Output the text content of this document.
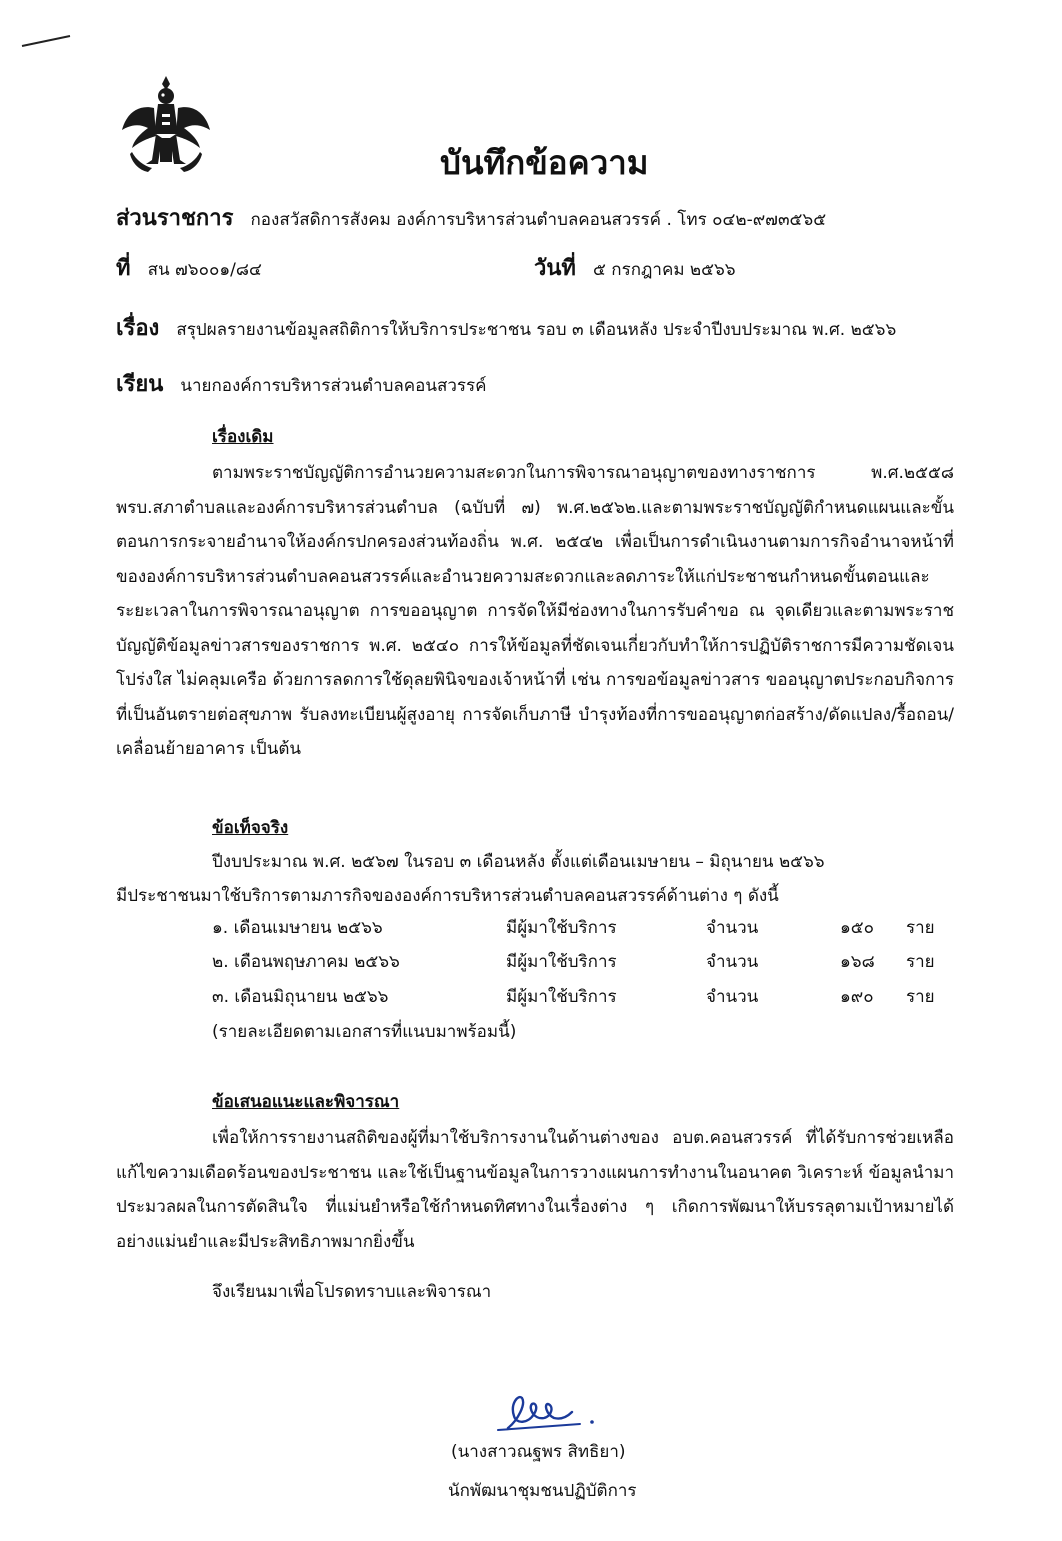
บันทึกข้อความ
ส่วนราชการ กองสวัสดิการสังคม องค์การบริหารส่วนตำบลคอนสวรรค์ . โทร ๐๔๒-๙๗๓๕๖๕
ที่ สน ๗๖๐๐๑/๘๔	วันที่ ๕ กรกฎาคม ๒๕๖๖
เรื่อง สรุปผลรายงานข้อมูลสถิติการให้บริการประชาชน รอบ ๓ เดือนหลัง ประจำปีงบประมาณ พ.ศ. ๒๕๖๖
เรียน นายกองค์การบริหารส่วนตำบลคอนสวรรค์
เรื่องเดิม

ตามพระราชบัญญัติการอำนวยความสะดวกในการพิจารณาอนุญาตของทางราชการ พ.ศ.๒๕๕๘ พรบ.สภาตำบลและองค์การบริหารส่วนตำบล (ฉบับที่ ๗) พ.ศ.๒๕๖๒.และตามพระราชบัญญัติกำหนดแผนและขั้นตอนการกระจายอำนาจให้องค์กรปกครองส่วนท้องถิ่น พ.ศ. ๒๕๔๒ เพื่อเป็นการดำเนินงานตามการกิจอำนาจหน้าที่ขององค์การบริหารส่วนตำบลคอนสวรรค์และอำนวยความสะดวกและลดภาระให้แก่ประชาชนกำหนดขั้นตอนและระยะเวลาในการพิจารณาอนุญาต การขออนุญาต การจัดให้มีช่องทางในการรับคำขอ ณ จุดเดียวและตามพระราชบัญญัติข้อมูลข่าวสารของราชการ พ.ศ. ๒๕๔๐ การให้ข้อมูลที่ชัดเจนเกี่ยวกับทำให้การปฏิบัติราชการมีความชัดเจนโปร่งใส ไม่คลุมเครือ ด้วยการลดการใช้ดุลยพินิจของเจ้าหน้าที่ เช่น การขอข้อมูลข่าวสาร ขออนุญาตประกอบกิจการที่เป็นอันตรายต่อสุขภาพ รับลงทะเบียนผู้สูงอายุ การจัดเก็บภาษี บำรุงท้องที่การขออนุญาตก่อสร้าง/ดัดแปลง/รื้อถอน/เคลื่อนย้ายอาคาร เป็นต้น

ข้อเท็จจริง
ปีงบประมาณ พ.ศ. ๒๕๖๗ ในรอบ ๓ เดือนหลัง ตั้งแต่เดือนเมษายน – มิถุนายน ๒๕๖๖
มีประชาชนมาใช้บริการตามภารกิจขององค์การบริหารส่วนตำบลคอนสวรรค์ด้านต่าง ๆ ดังนี้
๑. เดือนเมษายน ๒๕๖๖	มีผู้มาใช้บริการ	จำนวน	๑๕๐ ราย
๒. เดือนพฤษภาคม ๒๕๖๖	มีผู้มาใช้บริการ	จำนวน	๑๖๘ ราย
๓. เดือนมิถุนายน ๒๕๖๖	มีผู้มาใช้บริการ	จำนวน	๑๙๐ ราย
(รายละเอียดตามเอกสารที่แนบมาพร้อมนี้)
ข้อเสนอแนะและพิจารณา

เพื่อให้การรายงานสถิติของผู้ที่มาใช้บริการงานในด้านต่างของ อบต.คอนสวรรค์ ที่ได้รับการช่วยเหลือแก้ไขความเดือดร้อนของประชาชน และใช้เป็นฐานข้อมูลในการวางแผนการทำงานในอนาคต วิเคราะห์ ข้อมูลนำมาประมวลผลในการตัดสินใจ ที่แม่นยำหรือใช้กำหนดทิศทางในเรื่องต่าง ๆ เกิดการพัฒนาให้บรรลุตามเป้าหมายได้อย่างแม่นยำและมีประสิทธิภาพมากยิ่งขึ้น

จึงเรียนมาเพื่อโปรดทราบและพิจารณา
(นางสาวณฐพร สิทธิยา)
นักพัฒนาชุมชนปฏิบัติการ
